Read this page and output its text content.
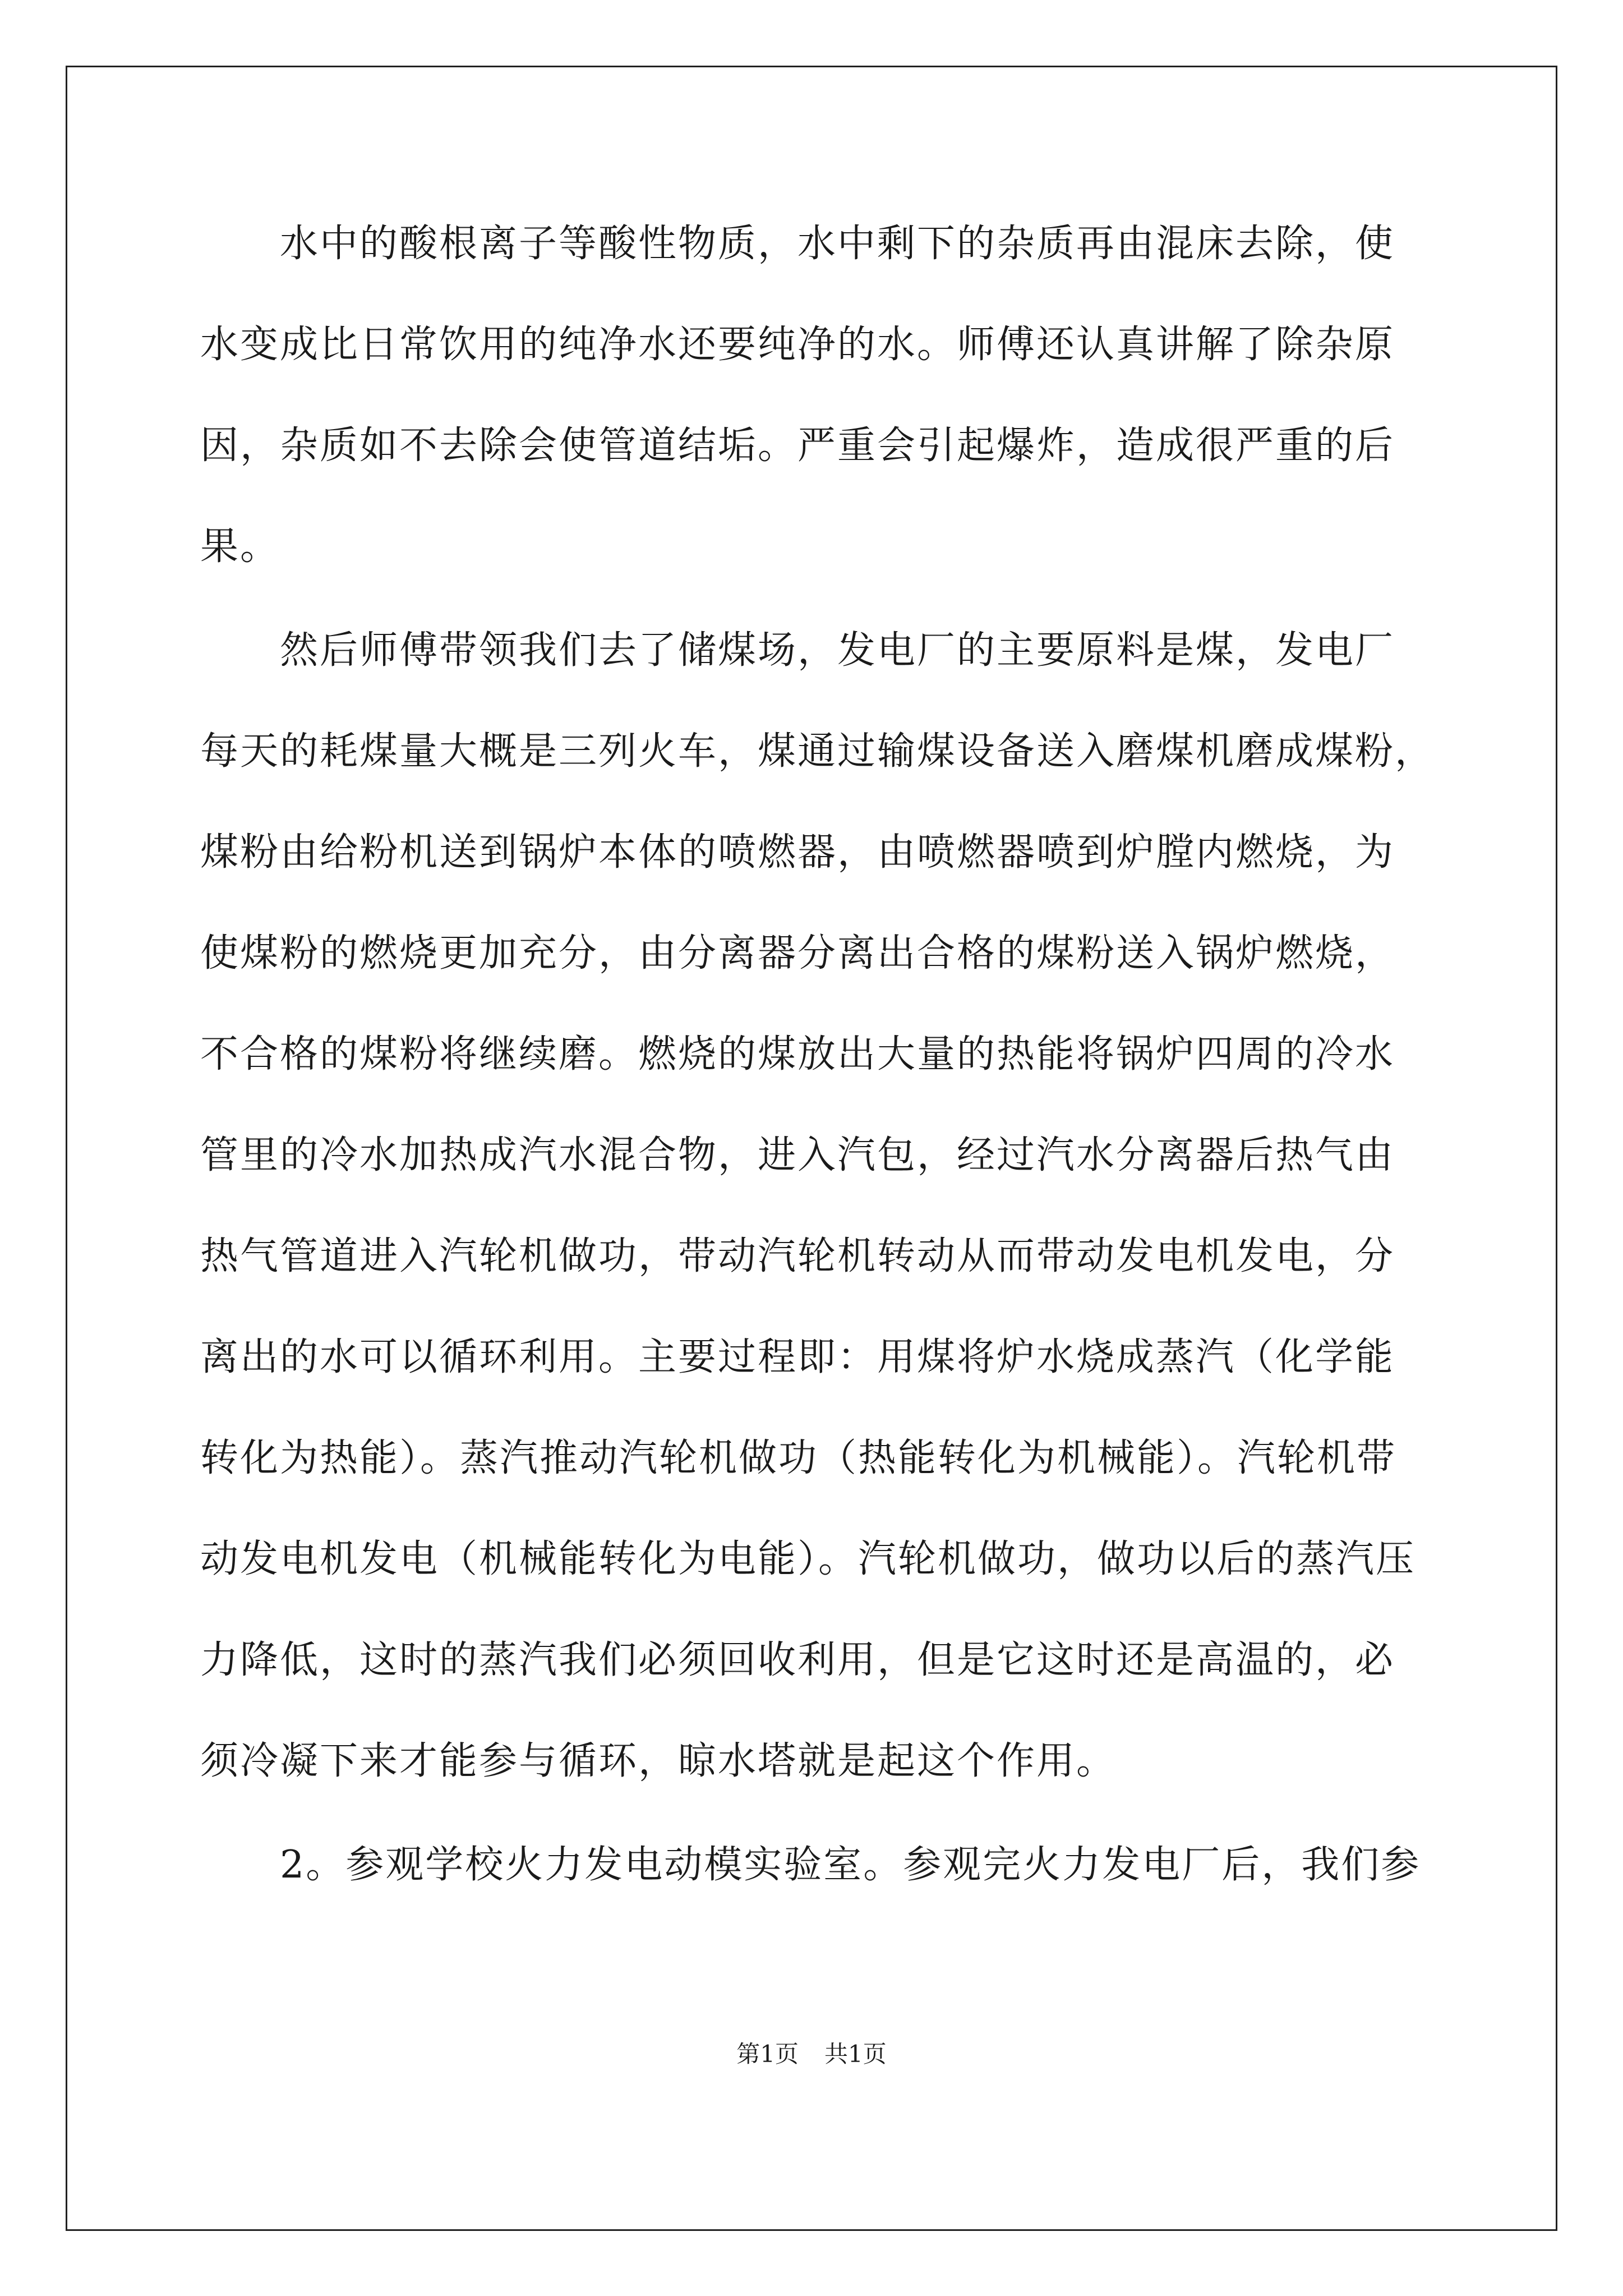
　　水中的酸根离子等酸性物质，水中剩下的杂质再由混床去除，使
水变成比日常饮用的纯净水还要纯净的水。师傅还认真讲解了除杂原
因，杂质如不去除会使管道结垢。严重会引起爆炸，造成很严重的后
果。
　　然后师傅带领我们去了储煤场，发电厂的主要原料是煤，发电厂
每天的耗煤量大概是三列火车，煤通过输煤设备送入磨煤机磨成煤粉，
煤粉由给粉机送到锅炉本体的喷燃器，由喷燃器喷到炉膛内燃烧，为
使煤粉的燃烧更加充分，由分离器分离出合格的煤粉送入锅炉燃烧，
不合格的煤粉将继续磨。燃烧的煤放出大量的热能将锅炉四周的冷水
管里的冷水加热成汽水混合物，进入汽包，经过汽水分离器后热气由
热气管道进入汽轮机做功，带动汽轮机转动从而带动发电机发电，分
离出的水可以循环利用。主要过程即：用煤将炉水烧成蒸汽（化学能
转化为热能）。蒸汽推动汽轮机做功（热能转化为机械能）。汽轮机带
动发电机发电（机械能转化为电能）。汽轮机做功，做功以后的蒸汽压
力降低，这时的蒸汽我们必须回收利用，但是它这时还是高温的，必
须冷凝下来才能参与循环，晾水塔就是起这个作用。
　　2。参观学校火力发电动模实验室。参观完火力发电厂后，我们参
第1页 共1页
